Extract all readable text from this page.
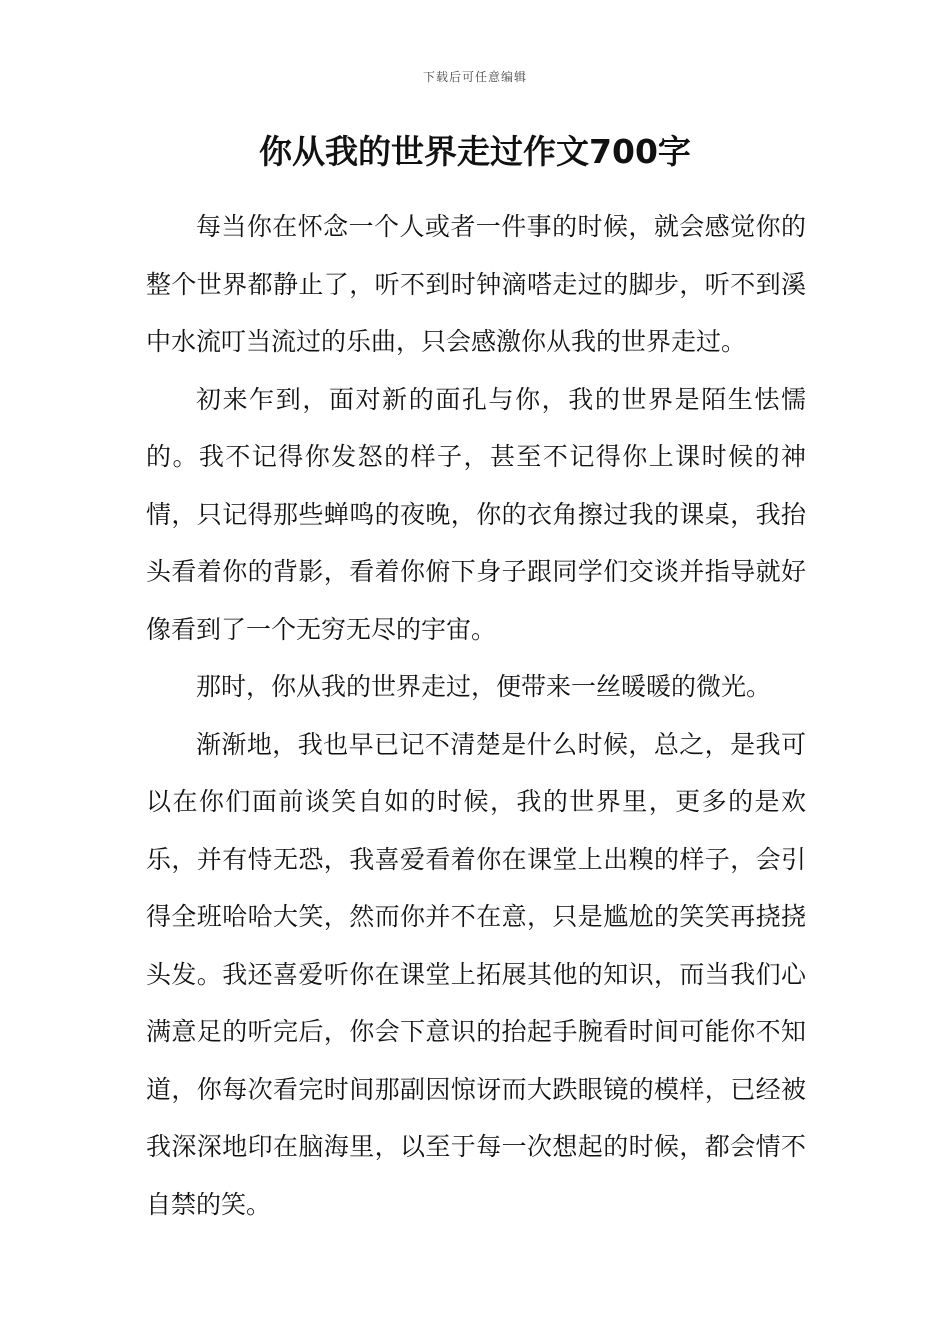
下载后可任意编辑
你从我的世界走过作文700字

每当你在怀念一个人或者一件事的时候，就会感觉你的整个世界都静止了，听不到时钟滴嗒走过的脚步，听不到溪中水流叮当流过的乐曲，只会感激你从我的世界走过。

初来乍到，面对新的面孔与你，我的世界是陌生怯懦的。我不记得你发怒的样子，甚至不记得你上课时候的神情，只记得那些蝉鸣的夜晚，你的衣角擦过我的课桌，我抬头看着你的背影，看着你俯下身子跟同学们交谈并指导就好像看到了一个无穷无尽的宇宙。

那时，你从我的世界走过，便带来一丝暖暖的微光。

渐渐地，我也早已记不清楚是什么时候，总之，是我可以在你们面前谈笑自如的时候，我的世界里，更多的是欢乐，并有恃无恐，我喜爱看着你在课堂上出糗的样子，会引得全班哈哈大笑，然而你并不在意，只是尴尬的笑笑再挠挠头发。我还喜爱听你在课堂上拓展其他的知识，而当我们心满意足的听完后，你会下意识的抬起手腕看时间可能你不知道，你每次看完时间那副因惊讶而大跌眼镜的模样，已经被我深深地印在脑海里，以至于每一次想起的时候，都会情不自禁的笑。
